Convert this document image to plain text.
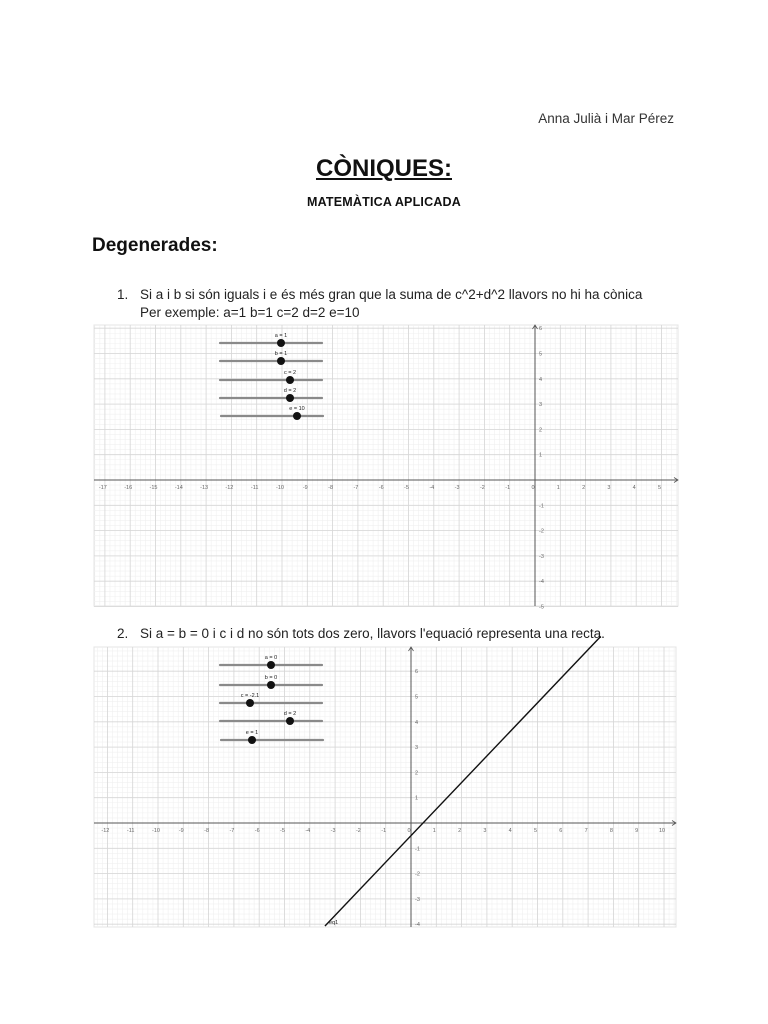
Anna Julià i Mar Pérez
CÒNIQUES:
MATEMÀTICA APLICADA
Degenerades:
1. Si a i b si són iguals i e és més gran que la suma de c^2+d^2 llavors no hi ha cònica
Per exemple: a=1 b=1 c=2 d=2 e=10
-17	-16	-15	-14	-13	-12	-11	-10	-9	-8	-7	-6	-5	-4	-3	-2	-1	0	1	2	3	4	5
6
5
4
3
2
1
-1
-2
-3
-4
-5
a = 1
b = 1
c = 2
d = 2
e = 10
2. Si a = b = 0 i c i d no són tots dos zero, llavors l'equació representa una recta.
-12	-11	-10	-9	-8	-7	-6	-5	-4	-3	-2	-1	0	1	2	3	4	5	6	7	8	9	10
6
5
4
3
2
1
-1
-2
-3
-4
a = 0
b = 0
c = -2.1
d = 2
e = 1
eq1
